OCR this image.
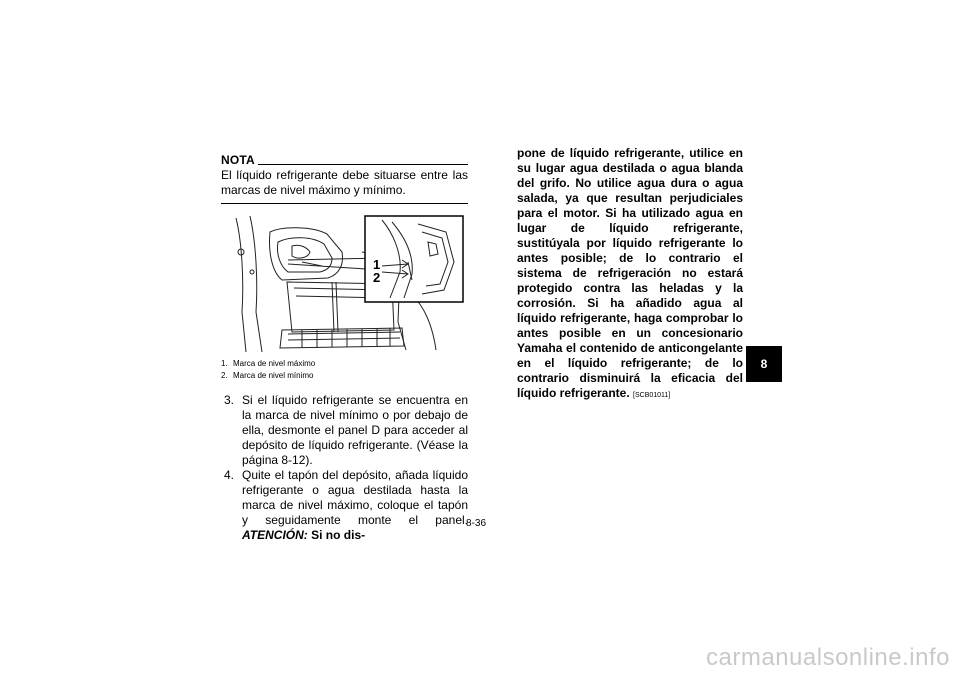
NOTA
El líquido refrigerante debe situarse entre las marcas de nivel máximo y mínimo.
1
2
1. Marca de nivel máximo
2. Marca de nivel mínimo

3. Si el líquido refrigerante se encuentra en la marca de nivel mínimo o por debajo de ella, desmonte el panel D para acceder al depósito de líquido refrigerante. (Véase la página 8-12).

4. Quite el tapón del depósito, añada líquido refrigerante o agua destilada hasta la marca de nivel máximo, coloque el tapón y seguidamente monte el panel. ATENCIÓN: Si no dis-

pone de líquido refrigerante, utilice en su lugar agua destilada o agua blanda del grifo. No utilice agua dura o agua salada, ya que resultan perjudiciales para el motor. Si ha utilizado agua en lugar de líquido refrigerante, sustitúyala por líquido refrigerante lo antes posible; de lo contrario el sistema de refrigeración no estará protegido contra las heladas y la corrosión. Si ha añadido agua al líquido refrigerante, haga comprobar lo antes posible en un concesionario Yamaha el contenido de anticongelante en el líquido refrigerante; de lo contrario disminuirá la eficacia del líquido refrigerante. [SCB01011]
8-36
8
carmanualsonline.info
